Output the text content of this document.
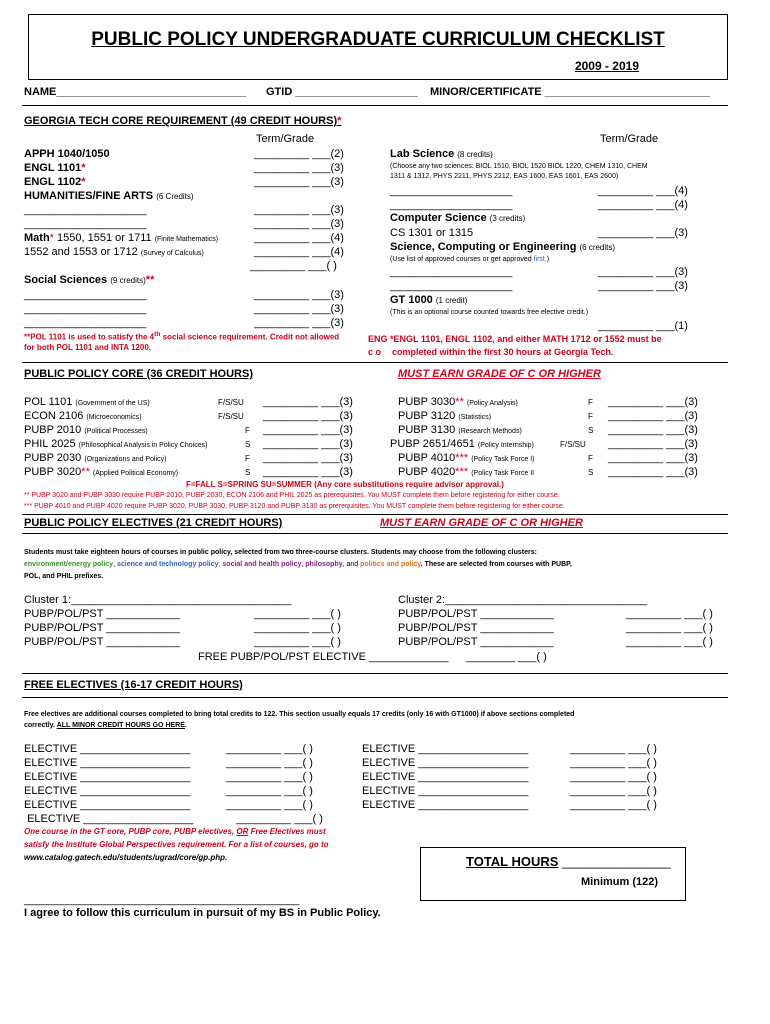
PUBLIC POLICY UNDERGRADUATE CURRICULUM CHECKLIST
2009 - 2019
NAME_______________________________ GTID ____________________ MINOR/CERTIFICATE ___________________________
GEORGIA TECH CORE REQUIREMENT (49 CREDIT HOURS)*
Term/Grade	Term/Grade
APPH 1040/1050	_________ ___(2)
ENGL 1101*	_________ ___(3)
ENGL 1102*	_________ ___(3)
HUMANITIES/FINE ARTS (6 Credits)
____________________	_________ ___(3)
____________________	_________ ___(3)
Math* 1550, 1551 or 1711 (Finite Mathematics)	_________ ___(4)
1552 and 1553 or 1712 (Survey of Calculus)	_________ ___(4)
_________ ___( )
Social Sciences (9 credits)**
____________________	_________ ___(3)
____________________	_________ ___(3)
____________________	_________ ___(3)
Lab Science (8 credits)
(Choose any two sciences: BIOL 1510, BIOL 1520 BIOL 1220, CHEM 1310, CHEM
1311 & 1312, PHYS 2211, PHYS 2212, EAS 1600, EAS 1601, EAS 2600)
____________________	_________ ___(4)
____________________	_________ ___(4)
Computer Science (3 credits)
CS 1301 or 1315	_________ ___(3)
Science, Computing or Engineering (6 credits)
(Use list of approved courses or get approved first.)
____________________	_________ ___(3)
____________________	_________ ___(3)
GT 1000 (1 credit)
(This is an optional course counted towards free elective credit.)
_________ ___(1)
**POL 1101 is used to satisfy the 4th social science requirement. Credit not allowed
for both POL 1101 and INTA 1200.
ENG *ENGL 1101, ENGL 1102, and either MATH 1712 or 1552 must be
c o completed within the first 30 hours at Georgia Tech.
PUBLIC POLICY CORE (36 CREDIT HOURS)	MUST EARN GRADE OF C OR HIGHER
POL 1101 (Government of the US)	F/S/SU _________ ___(3)
ECON 2106 (Microeconomics)	F/S/SU _________ ___(3)
PUBP 2010 (Political Processes)	F _________ ___(3)
PHIL 2025 (Philosophical Analysis in Policy Choices)	S _________ ___(3)
PUBP 2030 (Organizations and Policy)	F _________ ___(3)
PUBP 3020** (Applied Political Economy)	S _________ ___(3)
PUBP 3030** (Policy Analysis)	F _________ ___(3)
PUBP 3120 (Statistics)	F _________ ___(3)
PUBP 3130 (Research Methods)	S _________ ___(3)
PUBP 2651/4651 (Policy Internship)	F/S/SU _________ ___(3)
PUBP 4010*** (Policy Task Force I)	F _________ ___(3)
PUBP 4020*** (Policy Task Force II	S _________ ___(3)
F=FALL S=SPRING SU=SUMMER (Any core substitutions require advisor approval.)
** PUBP 3020 and PUBP 3030 require PUBP 2010, PUBP 2030, ECON 2106 and PHIL 2025 as prerequisites. You MUST complete them before registering for either course.
*** PUBP 4010 and PUBP 4020 require PUBP 3020, PUBP 3030, PUBP 3120 and PUBP 3130 as prerequisites. You MUST complete them before registering for either course.
PUBLIC POLICY ELECTIVES (21 CREDIT HOURS)	MUST EARN GRADE OF C OR HIGHER
Students must take eighteen hours of courses in public policy, selected from two three-course clusters. Students may choose from the following clusters:
environment/energy policy, science and technology policy, social and health policy, philosophy, and politics and policy. These are selected from courses with PUBP,
POL, and PHIL prefixes.
Cluster 1:____________________________________	Cluster 2:_________________________________
PUBP/POL/PST ____________	_________ ___( )	PUBP/POL/PST ____________	_________ ___( )
PUBP/POL/PST ____________	_________ ___( )	PUBP/POL/PST ____________	_________ ___( )
PUBP/POL/PST ____________	_________ ___( )	PUBP/POL/PST ____________	_________ ___( )
FREE PUBP/POL/PST ELECTIVE _____________ ________ ___( )
FREE ELECTIVES (16-17 CREDIT HOURS)
Free electives are additional courses completed to bring total credits to 122. This section usually equals 17 credits (only 16 with GT1000) if above sections completed
correctly. ALL MINOR CREDIT HOURS GO HERE.
ELECTIVE __________________	_________ ___( )	ELECTIVE __________________	_________ ___( )
ELECTIVE __________________	_________ ___( )	ELECTIVE __________________	_________ ___( )
ELECTIVE __________________	_________ ___( )	ELECTIVE __________________	_________ ___( )
ELECTIVE __________________	_________ ___( )	ELECTIVE __________________	_________ ___( )
ELECTIVE __________________	_________ ___( )	ELECTIVE __________________	_________ ___( )
ELECTIVE __________________	_________ ___( )
One course in the GT core, PUBP core, PUBP electives, OR Free Electives must
satisfy the Institute Global Perspectives requirement. For a list of courses, go to
www.catalog.gatech.edu/students/ugrad/core/gp.php.	TOTAL HOURS _______________
Minimum (122)
_____________________________________________
I agree to follow this curriculum in pursuit of my BS in Public Policy.
